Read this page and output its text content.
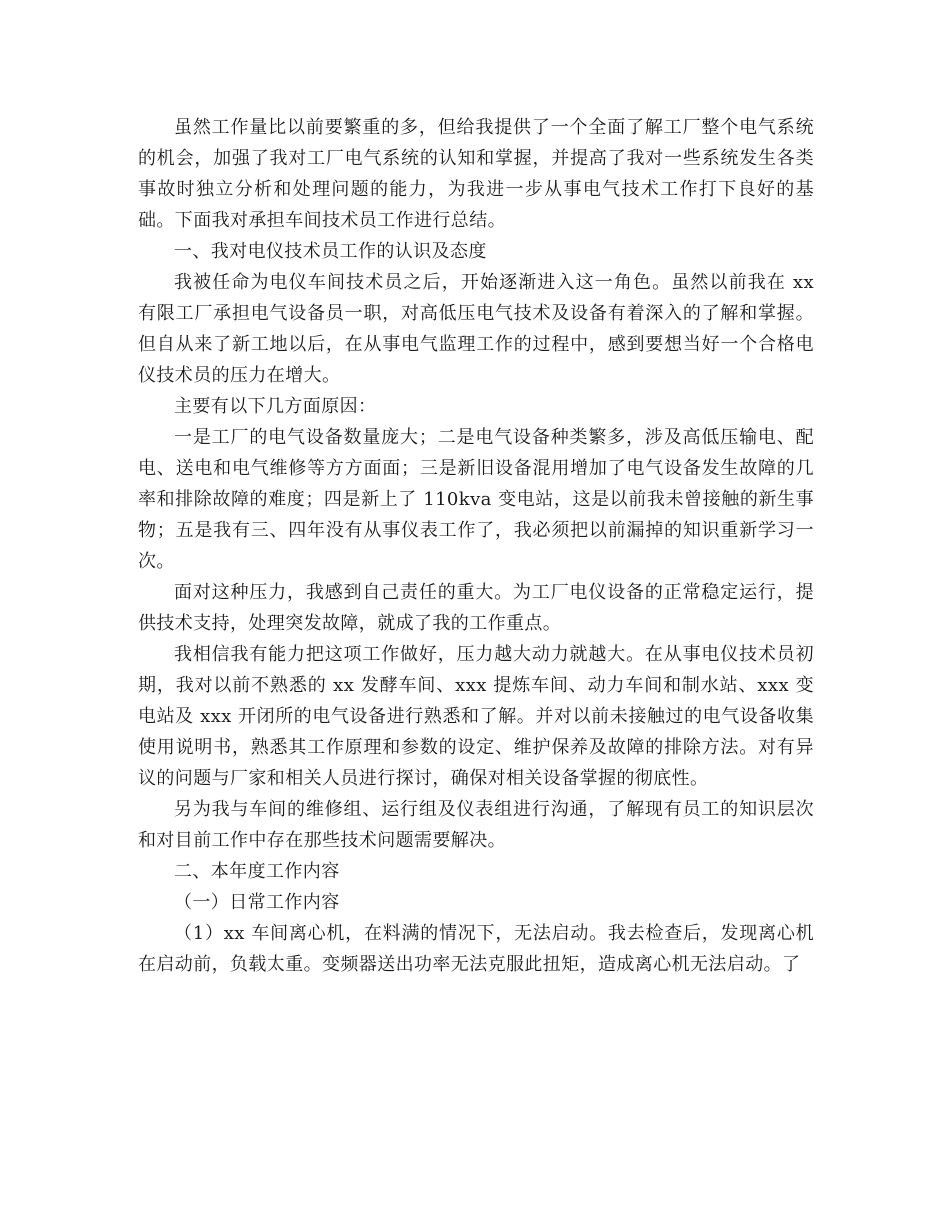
虽然工作量比以前要繁重的多，但给我提供了一个全面了解工厂整个电气系统的机会，加强了我对工厂电气系统的认知和掌握，并提高了我对一些系统发生各类事故时独立分析和处理问题的能力，为我进一步从事电气技术工作打下良好的基础。下面我对承担车间技术员工作进行总结。

一、我对电仪技术员工作的认识及态度

我被任命为电仪车间技术员之后，开始逐渐进入这一角色。虽然以前我在 xx 有限工厂承担电气设备员一职，对高低压电气技术及设备有着深入的了解和掌握。但自从来了新工地以后，在从事电气监理工作的过程中，感到要想当好一个合格电仪技术员的压力在增大。

主要有以下几方面原因：

一是工厂的电气设备数量庞大；二是电气设备种类繁多，涉及高低压输电、配电、送电和电气维修等方方面面；三是新旧设备混用增加了电气设备发生故障的几率和排除故障的难度；四是新上了 110kva 变电站，这是以前我未曾接触的新生事物；五是我有三、四年没有从事仪表工作了，我必须把以前漏掉的知识重新学习一次。

面对这种压力，我感到自己责任的重大。为工厂电仪设备的正常稳定运行，提供技术支持，处理突发故障，就成了我的工作重点。

我相信我有能力把这项工作做好，压力越大动力就越大。在从事电仪技术员初期，我对以前不熟悉的 xx 发酵车间、xxx 提炼车间、动力车间和制水站、xxx 变电站及 xxx 开闭所的电气设备进行熟悉和了解。并对以前未接触过的电气设备收集使用说明书，熟悉其工作原理和参数的设定、维护保养及故障的排除方法。对有异议的问题与厂家和相关人员进行探讨，确保对相关设备掌握的彻底性。

另为我与车间的维修组、运行组及仪表组进行沟通，了解现有员工的知识层次和对目前工作中存在那些技术问题需要解决。

二、本年度工作内容

（一）日常工作内容

（1）xx 车间离心机，在料满的情况下，无法启动。我去检查后，发现离心机在启动前，负载太重。变频器送出功率无法克服此扭矩，造成离心机无法启动。了
